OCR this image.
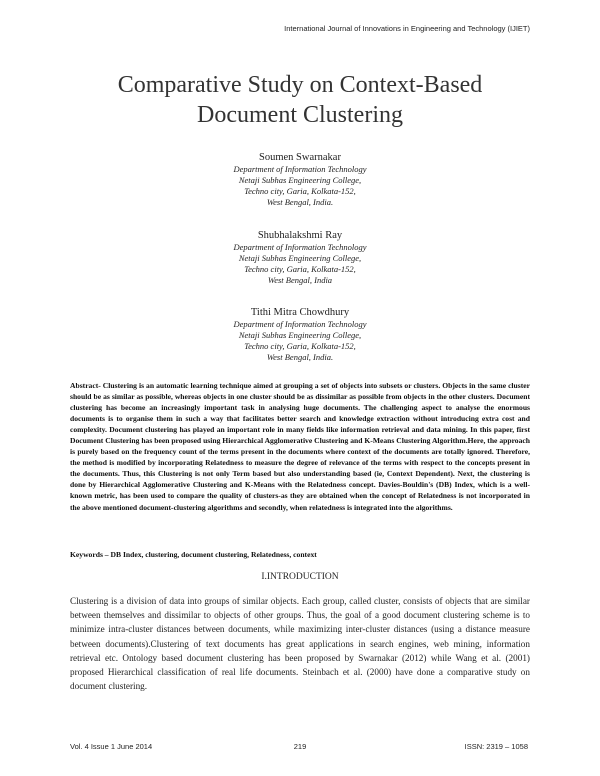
International Journal of Innovations in Engineering and Technology (IJIET)
Comparative Study on Context-Based
Document Clustering
Soumen Swarnakar
Department of Information Technology
Netaji Subhas Engineering College,
Techno city, Garia, Kolkata-152,
West Bengal, India.
Shubhalakshmi Ray
Department of Information Technology
Netaji Subhas Engineering College,
Techno city, Garia, Kolkata-152,
West Bengal, India
Tithi Mitra Chowdhury
Department of Information Technology
Netaji Subhas Engineering College,
Techno city, Garia, Kolkata-152,
West Bengal, India.
Abstract- Clustering is an automatic learning technique aimed at grouping a set of objects into subsets or clusters. Objects in the same cluster should be as similar as possible, whereas objects in one cluster should be as dissimilar as possible from objects in the other clusters. Document clustering has become an increasingly important task in analysing huge documents. The challenging aspect to analyse the enormous documents is to organise them in such a way that facilitates better search and knowledge extraction without introducing extra cost and complexity. Document clustering has played an important role in many fields like information retrieval and data mining. In this paper, first Document Clustering has been proposed using Hierarchical Agglomerative Clustering and K-Means Clustering Algorithm.Here, the approach is purely based on the frequency count of the terms present in the documents where context of the documents are totally ignored. Therefore, the method is modified by incorporating Relatedness to measure the degree of relevance of the terms with respect to the concepts present in the documents. Thus, this Clustering is not only Term based but also understanding based (ie, Context Dependent). Next, the clustering is done by Hierarchical Agglomerative Clustering and K-Means with the Relatedness concept. Davies-Bouldin's (DB) Index, which is a well-known metric, has been used to compare the quality of clusters-as they are obtained when the concept of Relatedness is not incorporated in the above mentioned document-clustering algorithms and secondly, when relatedness is integrated into the algorithms.
Keywords – DB Index, clustering, document clustering, Relatedness, context
I.INTRODUCTION
Clustering is a division of data into groups of similar objects. Each group, called cluster, consists of objects that are similar between themselves and dissimilar to objects of other groups. Thus, the goal of a good document clustering scheme is to minimize intra-cluster distances between documents, while maximizing inter-cluster distances (using a distance measure between documents).Clustering of text documents has great applications in search engines, web mining, information retrieval etc. Ontology based document clustering has been proposed by Swarnakar (2012) while Wang et al. (2001) proposed Hierarchical classification of real life documents. Steinbach et al. (2000) have done a comparative study on document clustering.
Vol. 4 Issue 1 June 2014	219	ISSN: 2319 – 1058
